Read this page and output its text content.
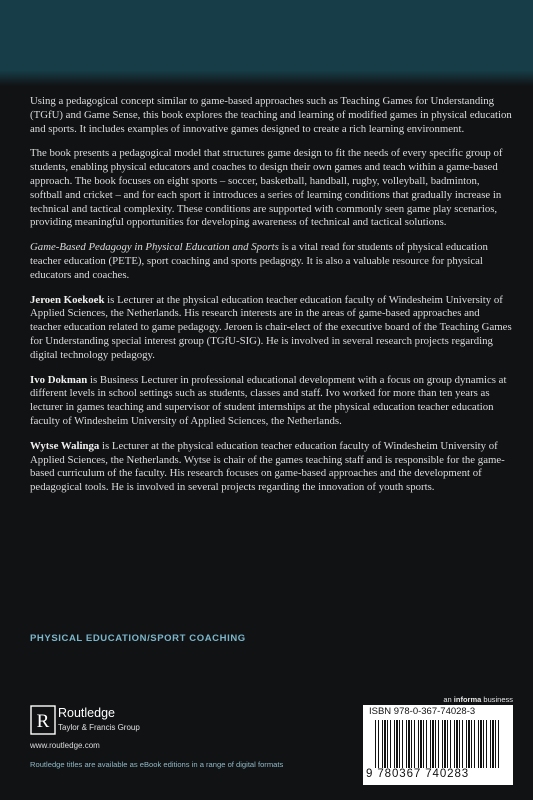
Using a pedagogical concept similar to game-based approaches such as Teaching Games for Understanding (TGfU) and Game Sense, this book explores the teaching and learning of modified games in physical education and sports. It includes examples of innovative games designed to create a rich learning environment.

The book presents a pedagogical model that structures game design to fit the needs of every specific group of students, enabling physical educators and coaches to design their own games and teach within a game-based approach. The book focuses on eight sports – soccer, basketball, handball, rugby, volleyball, badminton, softball and cricket – and for each sport it introduces a series of learning conditions that gradually increase in technical and tactical complexity. These conditions are supported with commonly seen game play scenarios, providing meaningful opportunities for developing awareness of technical and tactical solutions.

Game-Based Pedagogy in Physical Education and Sports is a vital read for students of physical education teacher education (PETE), sport coaching and sports pedagogy. It is also a valuable resource for physical educators and coaches.

Jeroen Koekoek is Lecturer at the physical education teacher education faculty of Windesheim University of Applied Sciences, the Netherlands. His research interests are in the areas of game-based approaches and teacher education related to game pedagogy. Jeroen is chair-elect of the executive board of the Teaching Games for Understanding special interest group (TGfU-SIG). He is involved in several research projects regarding digital technology pedagogy.

Ivo Dokman is Business Lecturer in professional educational development with a focus on group dynamics at different levels in school settings such as students, classes and staff. Ivo worked for more than ten years as lecturer in games teaching and supervisor of student internships at the physical education teacher education faculty of Windesheim University of Applied Sciences, the Netherlands.

Wytse Walinga is Lecturer at the physical education teacher education faculty of Windesheim University of Applied Sciences, the Netherlands. Wytse is chair of the games teaching staff and is responsible for the game-based curriculum of the faculty. His research focuses on game-based approaches and the development of pedagogical tools. He is involved in several projects regarding the innovation of youth sports.

PHYSICAL EDUCATION/SPORT COACHING
R Routledge
Taylor & Francis Group
www.routledge.com
Routledge titles are available as eBook editions in a range of digital formats
an informa business
ISBN 978-0-367-74028-3
9 780367 740283
